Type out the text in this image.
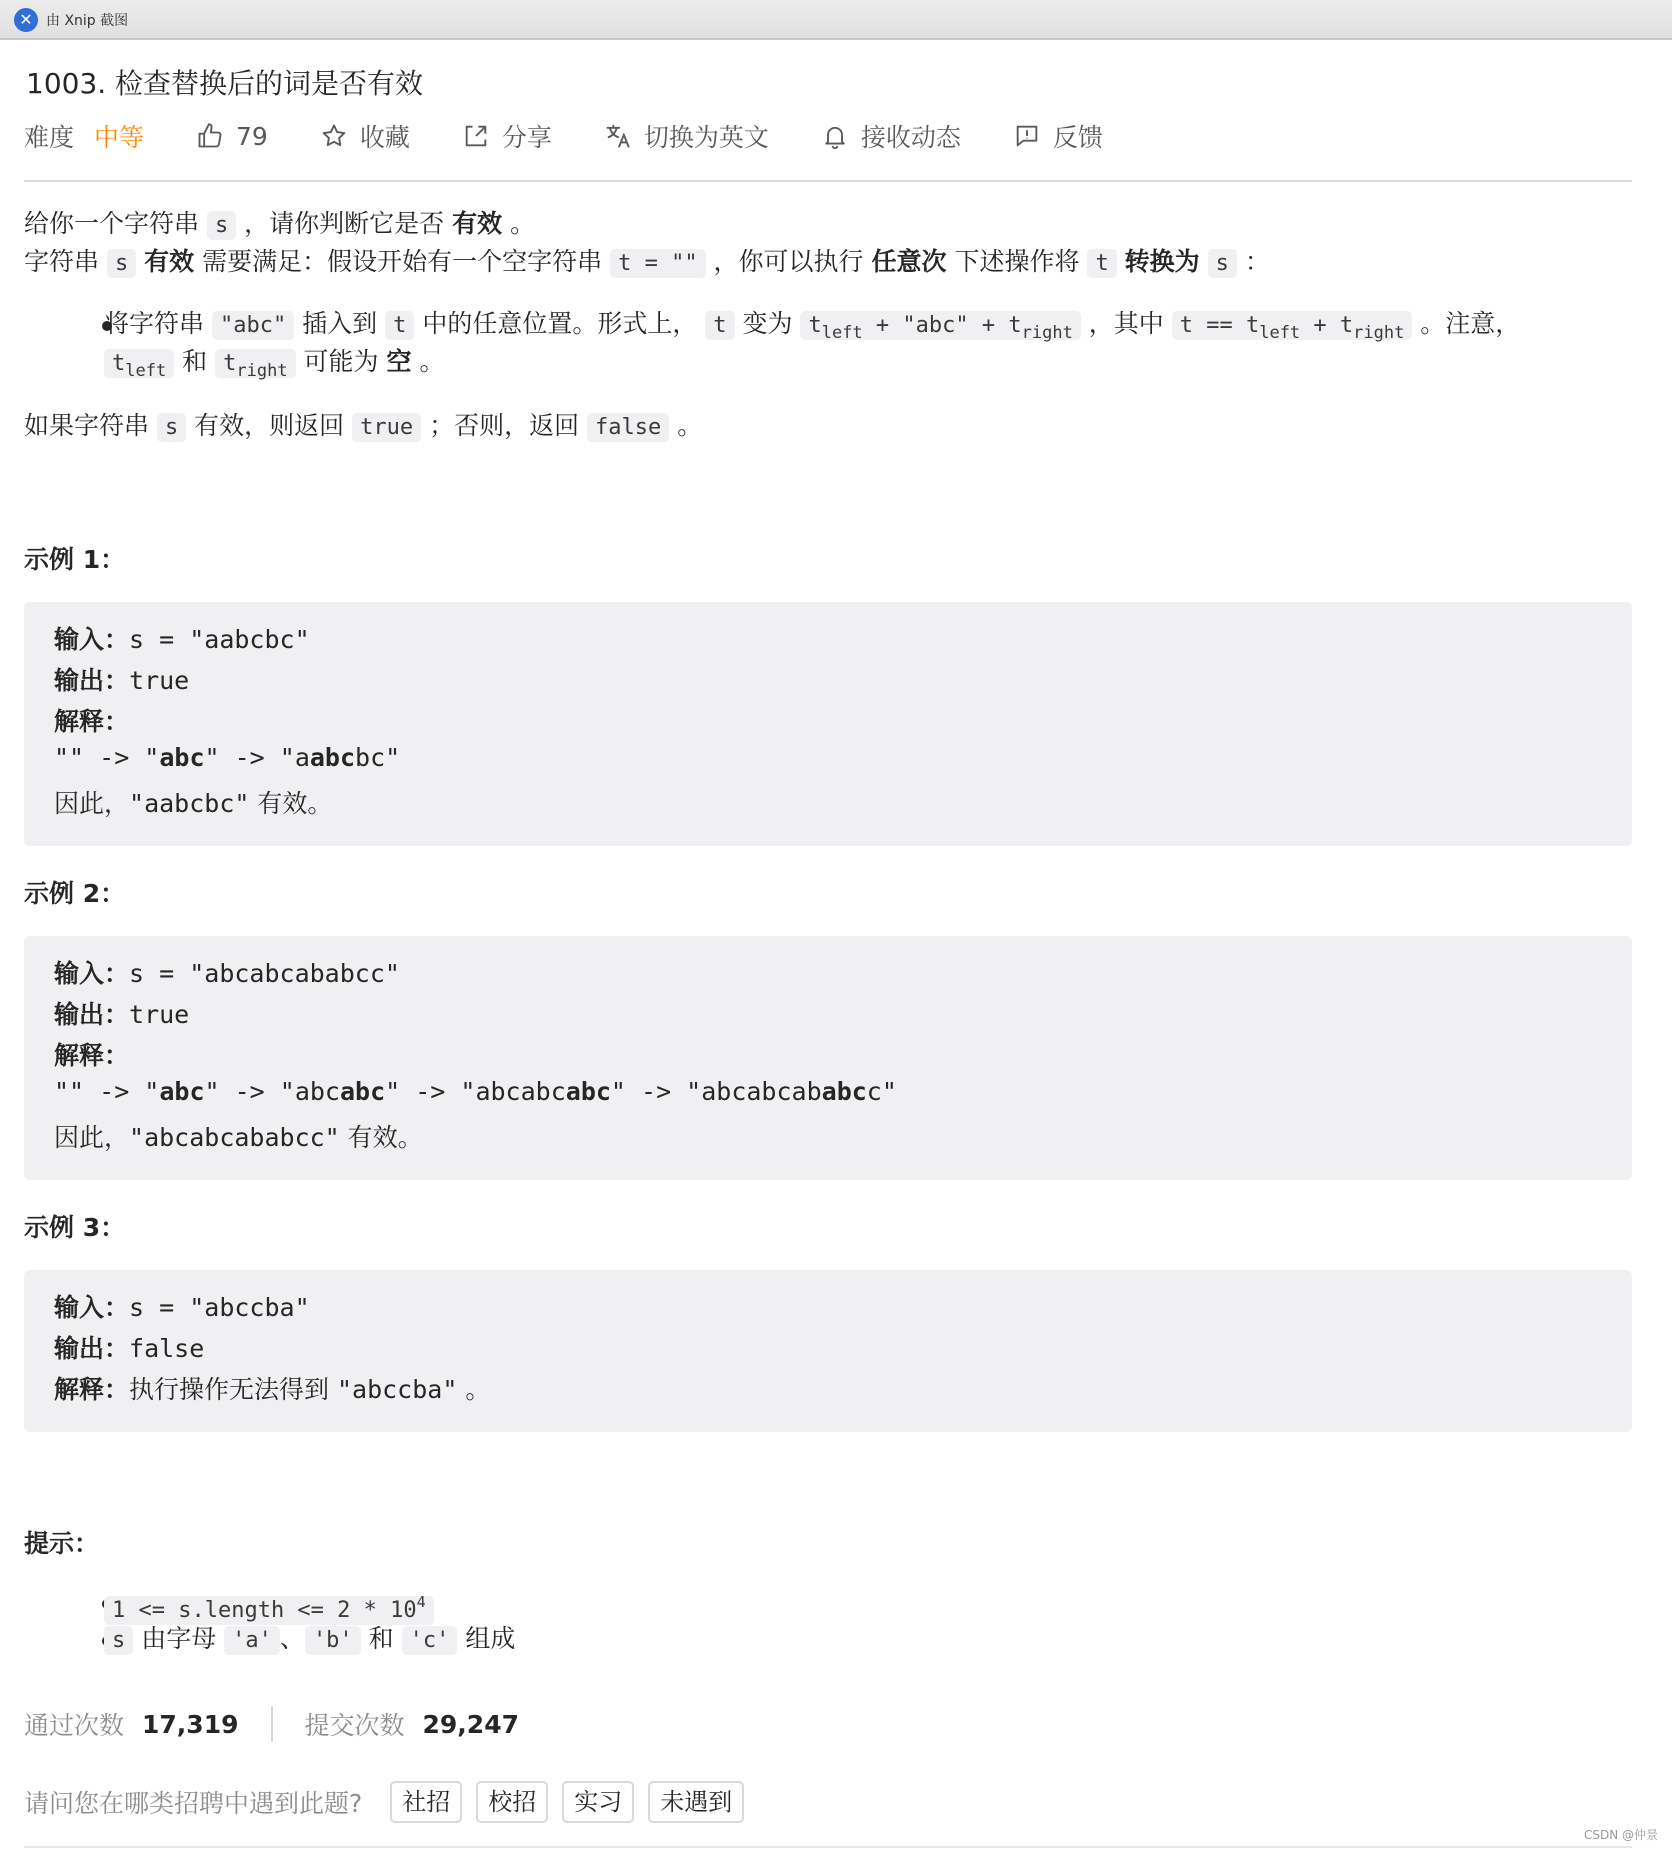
✕ 由 Xnip 截图
1003. 检查替换后的词是否有效
难度 中等	79	收藏	分享	切换为英文	接收动态	反馈
给你一个字符串 s ，请你判断它是否 有效 。
字符串 s 有效 需要满足：假设开始有一个空字符串 t = "" ，你可以执行 任意次 下述操作将 t 转换为 s ：
将字符串 "abc" 插入到 t 中的任意位置。形式上， t 变为 $t_{left}$ + "abc" + $t_{right}$ ，其中 $t == t_{left} + t_{right}$ 。注意，
$t_{left}$ 和 $t_{right}$ 可能为 空 。
如果字符串 s 有效，则返回 true ；否则，返回 false 。
示例 1：
输入：s = "aabcbc"
输出：true
解释：
"" -> "abc" -> "aabcbc"
因此，"aabcbc" 有效。
示例 2：
输入：s = "abcabcababcc"
输出：true
解释：
"" -> "abc" -> "abcabc" -> "abcabcabc" -> "abcabcababcc"
因此，"abcabcababcc" 有效。
示例 3：
输入：s = "abccba"
输出：false
解释：执行操作无法得到 "abccba" 。
提示：
1 <= s.length <= $2 * 10^4$
s 由字母 'a' 、 'b' 和 'c' 组成
通过次数 17,319	提交次数 29,247
请问您在哪类招聘中遇到此题?	社招	校招	实习	未遇到
CSDN @仲景
